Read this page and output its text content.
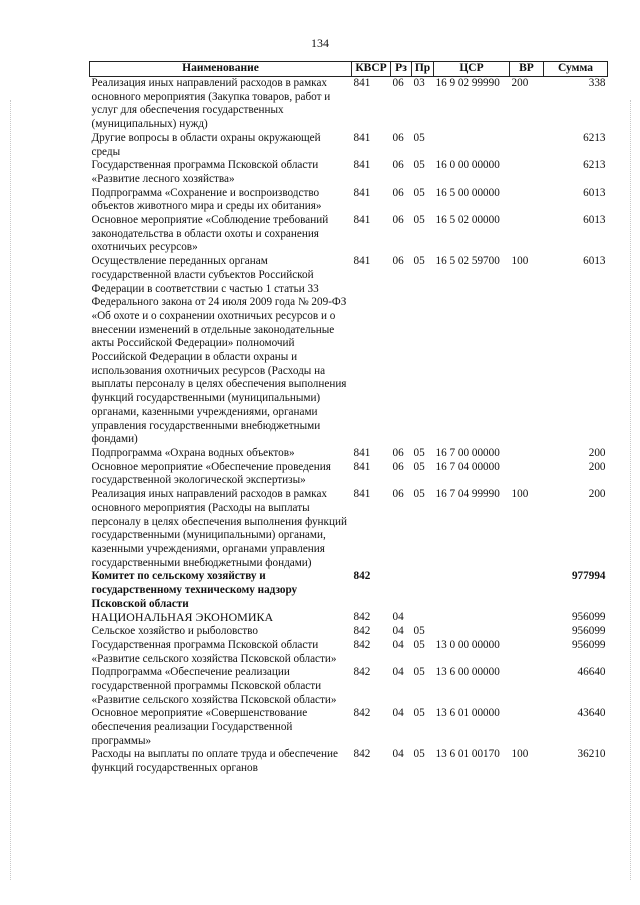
134
Наименование	КВСР	Рз	Пр	ЦСР	ВР	Сумма
Реализация иных направлений расходов в рамках основного мероприятия (Закупка товаров, работ и услуг для обеспечения государственных (муниципальных) нужд)	841	06	03	16 9 02 99990	200	338
Другие вопросы в области охраны окружающей среды	841	06	05			6213
Государственная программа Псковской области «Развитие лесного хозяйства»	841	06	05	16 0 00 00000		6213
Подпрограмма «Сохранение и воспроизводство объектов животного мира и среды их обитания»	841	06	05	16 5 00 00000		6013
Основное мероприятие «Соблюдение требований законодательства в области охоты и сохранения охотничьих ресурсов»	841	06	05	16 5 02 00000		6013
Осуществление переданных органам государственной власти субъектов Российской Федерации в соответствии с частью 1 статьи 33 Федерального закона от 24 июля 2009 года № 209-ФЗ «Об охоте и о сохранении охотничьих ресурсов и о внесении изменений в отдельные законодательные акты Российской Федерации» полномочий Российской Федерации в области охраны и использования охотничьих ресурсов (Расходы на выплаты персоналу в целях обеспечения выполнения функций государственными (муниципальными) органами, казенными учреждениями, органами управления государственными внебюджетными фондами)	841	06	05	16 5 02 59700	100	6013
Подпрограмма «Охрана водных объектов»	841	06	05	16 7 00 00000		200
Основное мероприятие «Обеспечение проведения государственной экологической экспертизы»	841	06	05	16 7 04 00000		200
Реализация иных направлений расходов в рамках основного мероприятия (Расходы на выплаты персоналу в целях обеспечения выполнения функций государственными (муниципальными) органами, казенными учреждениями, органами управления государственными внебюджетными фондами)	841	06	05	16 7 04 99990	100	200
Комитет по сельскому хозяйству и государственному техническому надзору Псковской области	842					977994
НАЦИОНАЛЬНАЯ ЭКОНОМИКА	842	04				956099
Сельское хозяйство и рыболовство	842	04	05			956099
Государственная программа Псковской области «Развитие сельского хозяйства Псковской области»	842	04	05	13 0 00 00000		956099
Подпрограмма «Обеспечение реализации государственной программы Псковской области «Развитие сельского хозяйства Псковской области»	842	04	05	13 6 00 00000		46640
Основное мероприятие «Совершенствование обеспечения реализации Государственной программы»	842	04	05	13 6 01 00000		43640
Расходы на выплаты по оплате труда и обеспечение функций государственных органов	842	04	05	13 6 01 00170	100	36210
